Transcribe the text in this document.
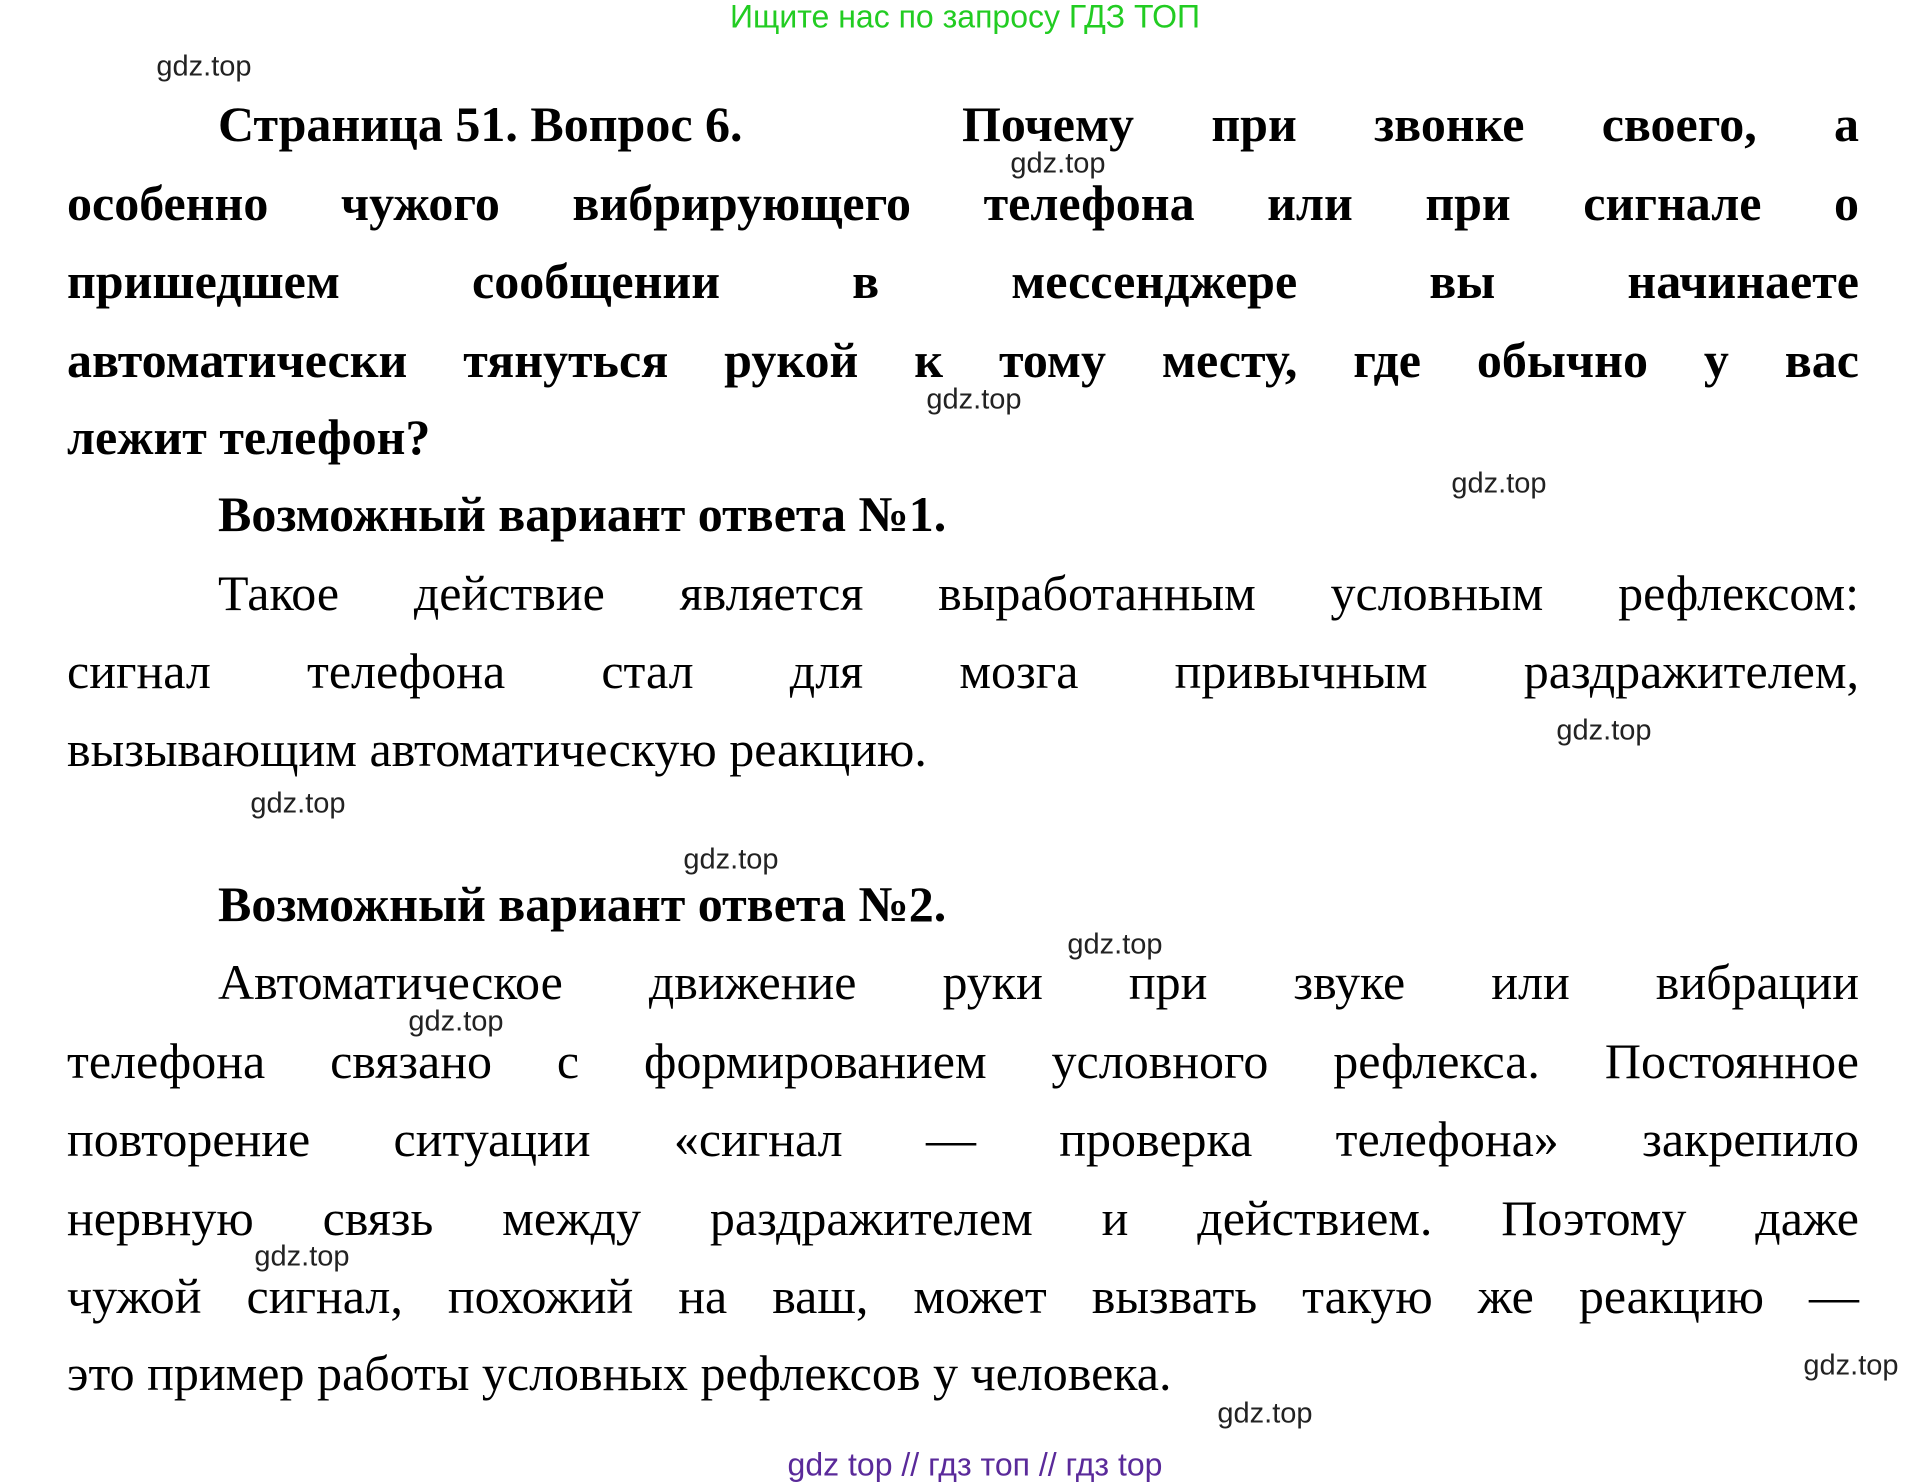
Ищите нас по запросу ГДЗ ТОП
Страница 51. Вопрос 6.	Почему при звонке своего, а
особенно чужого вибрирующего телефона или при сигнале о
пришедшем сообщении в мессенджере вы начинаете
автоматически тянуться рукой к тому месту, где обычно у вас
лежит телефон?
Возможный вариант ответа №1.
Такое действие является выработанным условным рефлексом:
сигнал телефона стал для мозга привычным раздражителем,
вызывающим автоматическую реакцию.
Возможный вариант ответа №2.
Автоматическое движение руки при звуке или вибрации
телефона связано с формированием условного рефлекса. Постоянное
повторение ситуации «сигнал — проверка телефона» закрепило
нервную связь между раздражителем и действием. Поэтому даже
чужой сигнал, похожий на ваш, может вызвать такую же реакцию —
это пример работы условных рефлексов у человека.
gdz.top
gdz.top
gdz.top
gdz.top
gdz.top
gdz.top
gdz.top
gdz.top
gdz.top
gdz.top
gdz.top
gdz.top
gdz top // гдз топ // гдз top
